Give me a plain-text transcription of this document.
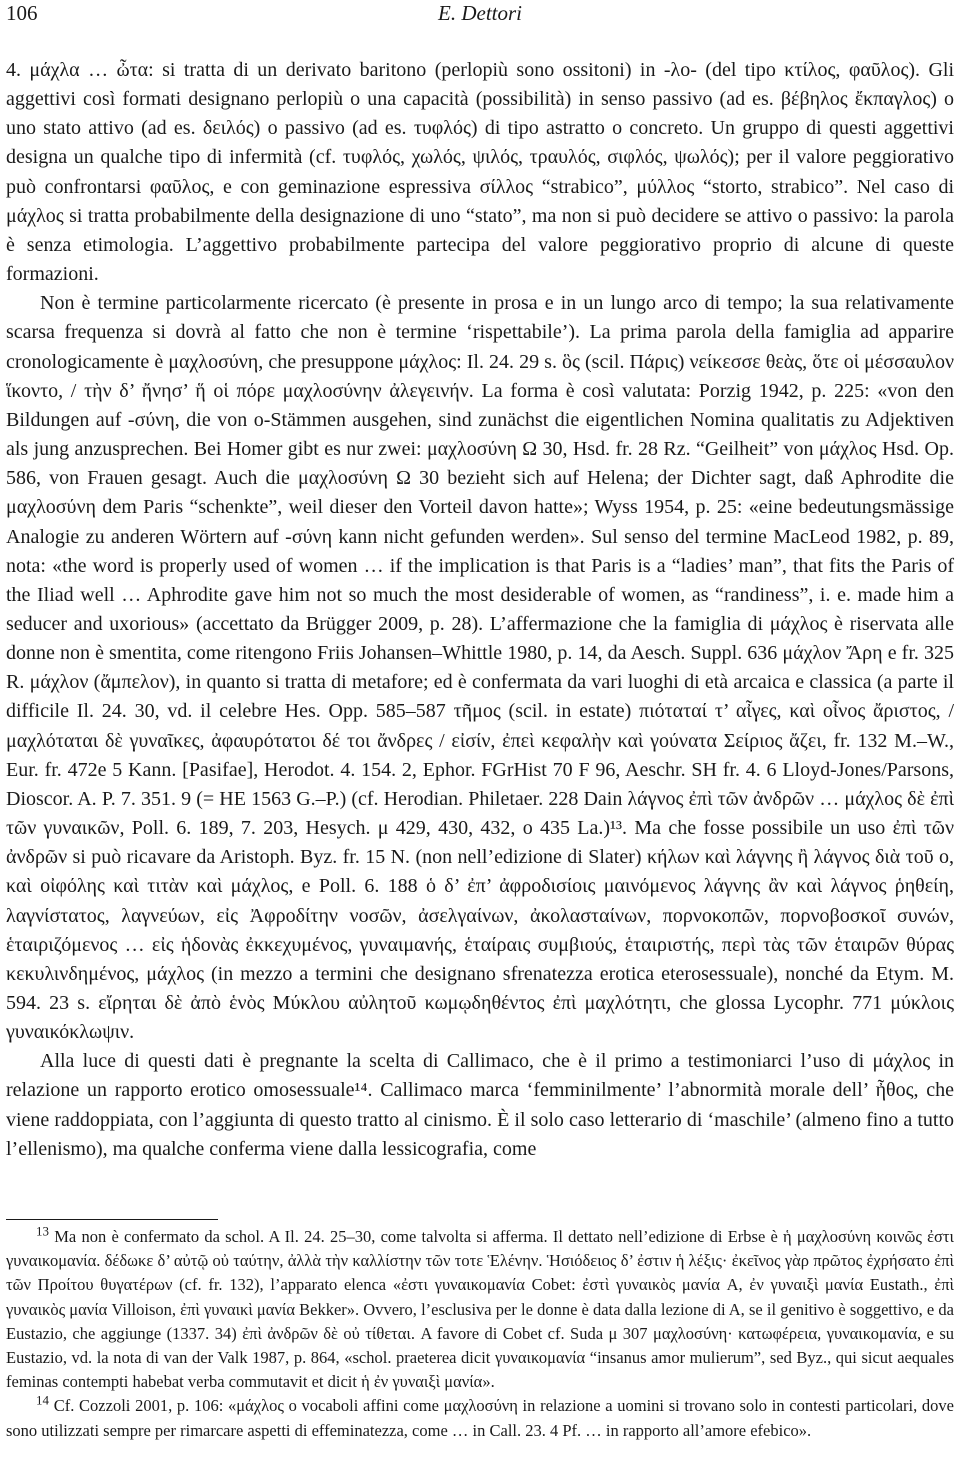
106	E. Dettori

4. μάχλα … ὦτα: si tratta di un derivato baritono (perlopiù sono ossitoni) in -λο- (del tipo κτίλος, φαῦλος). Gli aggettivi così formati designano perlopiù o una capacità (possibilità) in senso passivo (ad es. βέβηλος ἔκπαγλος) o uno stato attivo (ad es. δειλός) o passivo (ad es. τυφλός) di tipo astratto o concreto. Un gruppo di questi aggettivi designa un qualche tipo di infermità (cf. τυφλός, χωλός, ψιλός, τραυλός, σιφλός, ψωλός); per il valore peggiorativo può confrontarsi φαῦλος, e con geminazione espressiva σίλλος “strabico”, μύλλος “storto, strabico”. Nel caso di μάχλος si tratta probabilmente della designazione di uno “stato”, ma non si può decidere se attivo o passivo: la parola è senza etimologia. L’aggettivo probabilmente partecipa del valore peggiorativo proprio di alcune di queste formazioni.

Non è termine particolarmente ricercato (è presente in prosa e in un lungo arco di tempo; la sua relativamente scarsa frequenza si dovrà al fatto che non è termine ‘rispettabile’). La prima parola della famiglia ad apparire cronologicamente è μαχλοσύνη, che presuppone μάχλος: Il. 24. 29 s. ὃς (scil. Πάρις) νείκεσσε θεὰς, ὅτε οἱ μέσσαυλον ἵκοντο, / τὴν δ’ ἤνησ’ ἥ οἱ πόρε μαχλοσύνην ἀλεγεινήν. La forma è così valutata: Porzig 1942, p. 225: «von den Bildungen auf -σύνη, die von o-Stämmen ausgehen, sind zunächst die eigentlichen Nomina qualitatis zu Adjektiven als jung anzusprechen. Bei Homer gibt es nur zwei: μαχλοσύνη Ω 30, Hsd. fr. 28 Rz. “Geilheit” von μάχλος Hsd. Op. 586, von Frauen gesagt. Auch die μαχλοσύνη Ω 30 bezieht sich auf Helena; der Dichter sagt, daß Aphrodite die μαχλοσύνη dem Paris “schenkte”, weil dieser den Vorteil davon hatte»; Wyss 1954, p. 25: «eine bedeutungsmässige Analogie zu anderen Wörtern auf -σύνη kann nicht gefunden werden». Sul senso del termine MacLeod 1982, p. 89, nota: «the word is properly used of women … if the implication is that Paris is a “ladies’ man”, that fits the Paris of the Iliad well … Aphrodite gave him not so much the most desiderable of women, as “randiness”, i. e. made him a seducer and uxorious» (accettato da Brügger 2009, p. 28). L’affermazione che la famiglia di μάχλος è riservata alle donne non è smentita, come ritengono Friis Johansen–Whittle 1980, p. 14, da Aesch. Suppl. 636 μάχλον Ἄρη e fr. 325 R. μάχλον (ἄμπελον), in quanto si tratta di metafore; ed è confermata da vari luoghi di età arcaica e classica (a parte il difficile Il. 24. 30, vd. il celebre Hes. Opp. 585–587 τῆμος (scil. in estate) πιόταταί τ’ αἶγες, καὶ οἶνος ἄριστος, / μαχλόταται δὲ γυναῖκες, ἀφαυρότατοι δέ τοι ἄνδρες / εἰσίν, ἐπεὶ κεφαλὴν καὶ γούνατα Σείριος ἄζει, fr. 132 M.–W., Eur. fr. 472e 5 Kann. [Pasifae], Herodot. 4. 154. 2, Ephor. FGrHist 70 F 96, Aeschr. SH fr. 4. 6 Lloyd-Jones/Parsons, Dioscor. A. P. 7. 351. 9 (= HE 1563 G.–P.) (cf. Herodian. Philetaer. 228 Dain λάγνος ἐπὶ τῶν ἀνδρῶν … μάχλος δὲ ἐπὶ τῶν γυναικῶν, Poll. 6. 189, 7. 203, Hesych. μ 429, 430, 432, ο 435 La.)¹³. Ma che fosse possibile un uso ἐπὶ τῶν ἀνδρῶν si può ricavare da Aristoph. Byz. fr. 15 N. (non nell’edizione di Slater) κήλων καὶ λάγνης ἢ λάγνος διὰ τοῦ ο, καὶ οἰφόλης καὶ τιτὰν καὶ μάχλος, e Poll. 6. 188 ὁ δ’ ἐπ’ ἀφροδισίοις μαινόμενος λάγνης ἂν καὶ λάγνος ῥηθείη, λαγνίστατος, λαγνεύων, εἰς Ἀφροδίτην νοσῶν, ἀσελγαίνων, ἀκολασταίνων, πορνοκοπῶν, πορνοβοσκοῖ συνών, ἑταιριζόμενος … εἰς ἡδονὰς ἐκκεχυμένος, γυναιμανής, ἑταίραις συμβιούς, ἑταιριστής, περὶ τὰς τῶν ἑταιρῶν θύρας κεκυλινδημένος, μάχλος (in mezzo a termini che designano sfrenatezza erotica eterosessuale), nonché da Etym. M. 594. 23 s. εἴρηται δὲ ἀπὸ ἑνὸς Μύκλου αὐλητοῦ κωμῳδηθέντος ἐπὶ μαχλότητι, che glossa Lycophr. 771 μύκλοις γυναικόκλωψιν.

Alla luce di questi dati è pregnante la scelta di Callimaco, che è il primo a testimoniarci l’uso di μάχλος in relazione un rapporto erotico omosessuale¹⁴. Callimaco marca ‘femminilmente’ l’abnormità morale dell’ ἦθος, che viene raddoppiata, con l’aggiunta di questo tratto al cinismo. È il solo caso letterario di ‘maschile’ (almeno fino a tutto l’ellenismo), ma qualche conferma viene dalla lessicografia, come

$^{13}$ Ma non è confermato da schol. A Il. 24. 25–30, come talvolta si afferma. Il dettato nell’edizione di Erbse è ἡ μαχλοσύνη κοινῶς ἐστι γυναικομανία. δέδωκε δ’ αὐτῷ οὐ ταύτην, ἀλλὰ τὴν καλλίστην τῶν τοτε Ἑλένην. Ἡσιόδειος δ’ ἐστιν ἡ λέξις· ἐκεῖνος γὰρ πρῶτος ἐχρήσατο ἐπὶ τῶν Προίτου θυγατέρων (cf. fr. 132), l’apparato elenca «ἐστι γυναικομανία Cobet: ἐστὶ γυναικὸς μανία A, ἐν γυναιξὶ μανία Eustath., ἐπὶ γυναικὸς μανία Villoison, ἐπὶ γυναικὶ μανία Bekker». Ovvero, l’esclusiva per le donne è data dalla lezione di A, se il genitivo è soggettivo, e da Eustazio, che aggiunge (1337. 34) ἐπὶ ἀνδρῶν δὲ οὐ τίθεται. A favore di Cobet cf. Suda μ 307 μαχλοσύνη· κατωφέρεια, γυναικομανία, e su Eustazio, vd. la nota di van der Valk 1987, p. 864, «schol. praeterea dicit γυναικομανία “insanus amor mulierum”, sed Byz., qui sicut aequales feminas contempti habebat verba commutavit et dicit ἡ ἐν γυναιξὶ μανία».

$^{14}$ Cf. Cozzoli 2001, p. 106: «μάχλος o vocaboli affini come μαχλοσύνη in relazione a uomini si trovano solo in contesti particolari, dove sono utilizzati sempre per rimarcare aspetti di effeminatezza, come … in Call. 23. 4 Pf. … in rapporto all’amore efebico».
